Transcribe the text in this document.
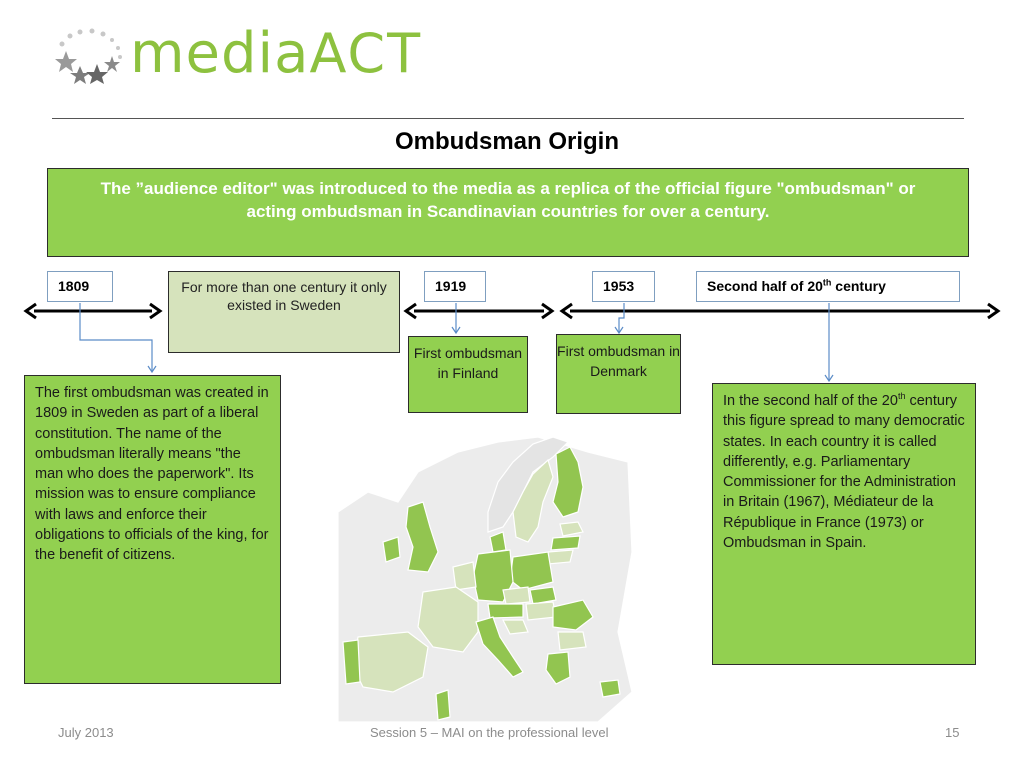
mediaACT
Ombudsman Origin
The ”audience editor" was introduced to the media as a replica of the official figure "ombudsman" or acting ombudsman in Scandinavian countries for over a century.
1809	For more than one century it only existed in Sweden
1919	1953	Second half of 20th century
First ombudsman in Finland
First ombudsman in Denmark
The first ombudsman was created in 1809 in Sweden as part of a liberal constitution. The name of the ombudsman literally means "the man who does the paperwork". Its mission was to ensure compliance with laws and enforce their obligations to officials of the king, for the benefit of citizens.
In the second half of the 20th century this figure spread to many democratic states. In each country it is called differently, e.g. Parliamentary Commissioner for the Administration in Britain (1967), Médiateur de la République in France (1973) or Ombudsman in Spain.
July 2013	Session 5 – MAI on the professional level	15
